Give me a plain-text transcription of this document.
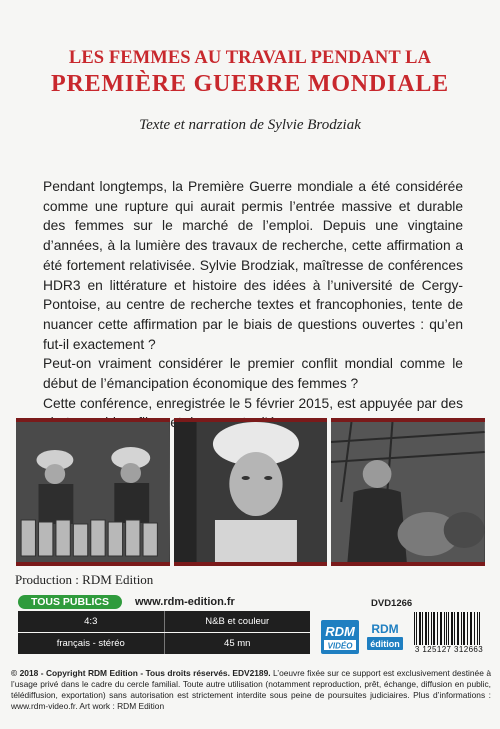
LES FEMMES AU TRAVAIL PENDANT LA
PREMIÈRE GUERRE MONDIALE
Texte et narration de Sylvie Brodziak

Pendant longtemps, la Première Guerre mondiale a été considérée comme une rupture qui aurait permis l’entrée massive et durable des femmes sur le marché de l’emploi. Depuis une vingtaine d’années, à la lumière des travaux de recherche, cette affirmation a été fortement relativisée. Sylvie Brodziak, maîtresse de conférences HDR3 en littérature et histoire des idées à l’université de Cergy-Pontoise, au centre de recherche textes et francophonies, tente de nuancer cette affirmation par le biais de questions ouvertes : qu’en fut-il exactement ?

Peut-on vraiment considérer le premier conflit mondial comme le début de l’émancipation économique des femmes ?

Cette conférence, enregistrée le 5 février 2015, est appuyée par des

Production : RDM Edition
TOUS PUBLICS	www.rdm-edition.fr	DVD1266
4:3	N&B et couleur
français - stéréo	45 mn
RDM
VIDÉO
RDM
édition
3 125127 312663
© 2018 - Copyright RDM Edition - Tous droits réservés. EDV2189. L’oeuvre fixée sur ce support est exclusivement destinée à l’usage privé dans le cadre du cercle familial. Toute autre utilisation (notamment reproduction, prêt, échange, diffusion en public, télédiffusion, exportation) sans autorisation est strictement interdite sous peine de poursuites judiciaires. Plus d’informations : www.rdm-video.fr. Art work : RDM Edition
